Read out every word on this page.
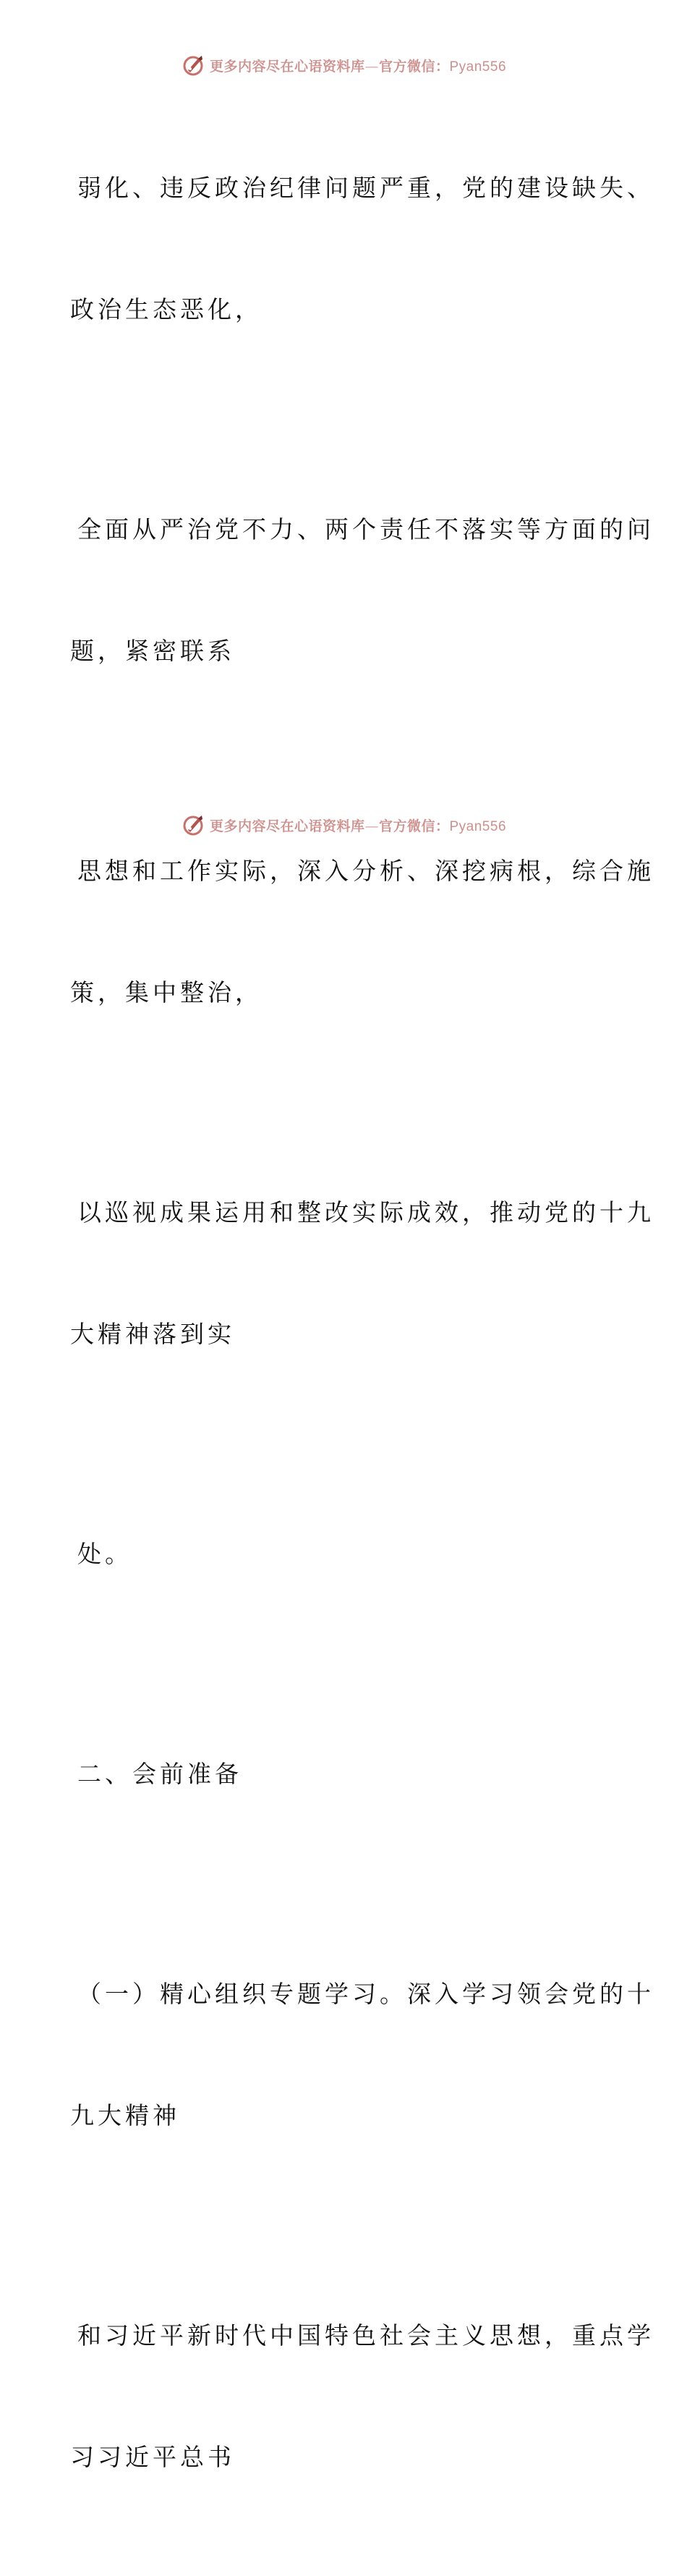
更多内容尽在心语资料库—官方微信：Pyan556

弱化、违反政治纪律问题严重，党的建设缺失、

政治生态恶化，

全面从严治党不力、两个责任不落实等方面的问

题，紧密联系

思想和工作实际，深入分析、深挖病根，综合施

策，集中整治，

以巡视成果运用和整改实际成效，推动党的十九

大精神落到实

处。

二、会前准备

（一）精心组织专题学习。深入学习领会党的十

九大精神

和习近平新时代中国特色社会主义思想，重点学

习习近平总书

更多内容尽在心语资料库—官方微信：Pyan556
